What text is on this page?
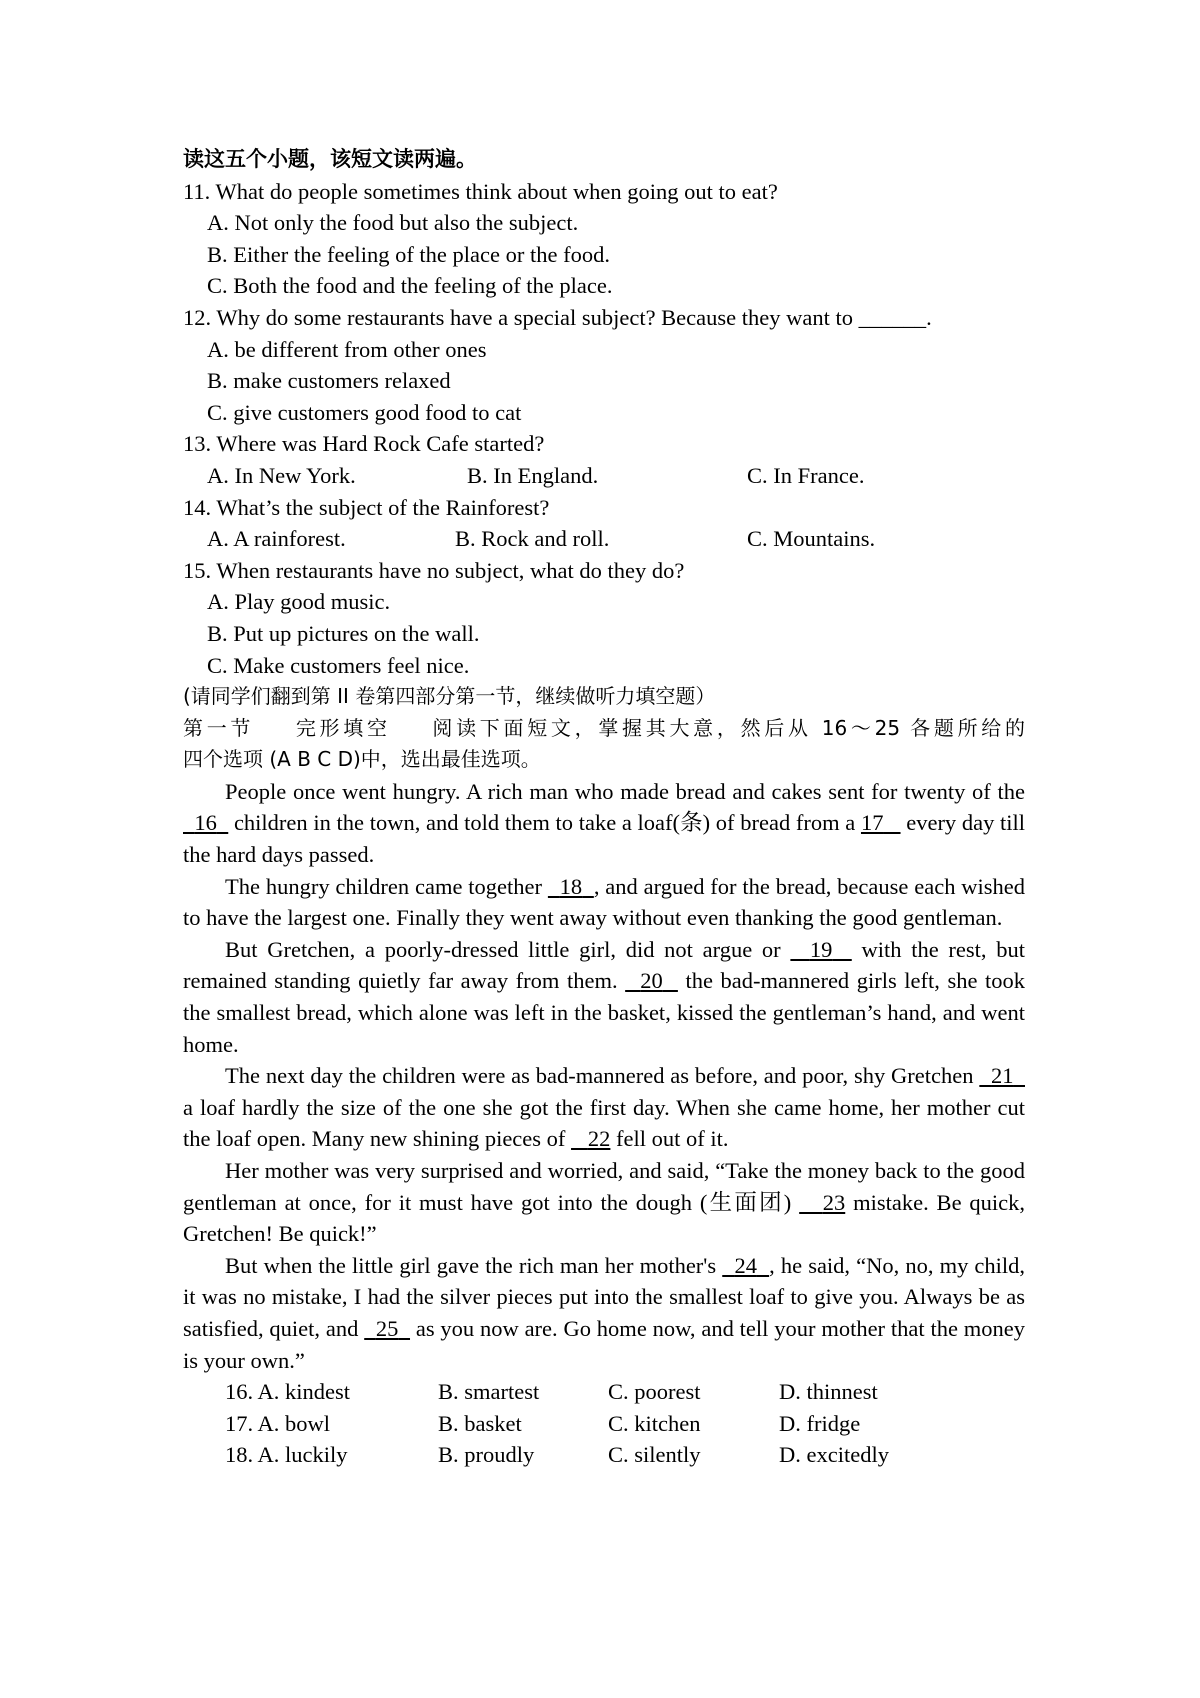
读这五个小题，该短文读两遍。
11. What do people sometimes think about when going out to eat?
A. Not only the food but also the subject.
B. Either the feeling of the place or the food.
C. Both the food and the feeling of the place.
12. Why do some restaurants have a special subject? Because they want to ______.
A. be different from other ones
B. make customers relaxed
C. give customers good food to cat
13. Where was Hard Rock Cafe started?
A. In New York.	B. In England.	C. In France.
14. What’s the subject of the Rainforest?
A. A rainforest.	B. Rock and roll.	C. Mountains.
15. When restaurants have no subject, what do they do?
A. Play good music.
B. Put up pictures on the wall.
C. Make customers feel nice.
(请同学们翻到第 II 卷第四部分第一节，继续做听力填空题）
第一节 完形填空 阅读下面短文，掌握其大意，然后从 16～25 各题所给的
四个选项 (A B C D)中，选出最佳选项。
People once went hungry. A rich man who made bread and cakes sent for twenty of the   16 children in the town, and told them to take a loaf(条) of bread from a 17 every day till the hard days passed.
The hungry children came together 18 , and argued for the bread, because each wished to have the largest one. Finally they went away without even thanking the good gentleman.
But Gretchen, a poorly-dressed little girl, did not argue or 19 with the rest, but remained standing quietly far away from them. 20 the bad-mannered girls left, she took the smallest bread, which alone was left in the basket, kissed the gentleman’s hand, and went home.
The next day the children were as bad-mannered as before, and poor, shy Gretchen 21   a loaf hardly the size of the one she got the first day. When she came home, her mother cut the loaf open. Many new shining pieces of 22 fell out of it.
Her mother was very surprised and worried, and said, “Take the money back to the good gentleman at once, for it must have got into the dough (生面团) 23 mistake. Be quick, Gretchen! Be quick!”
But when the little girl gave the rich man her mother's 24 , he said, “No, no, my child, it was no mistake, I had the silver pieces put into the smallest loaf to give you. Always be as satisfied, quiet, and 25 as you now are. Go home now, and tell your mother that the money is your own.”
16. A. kindest	B. smartest	C. poorest	D. thinnest
17. A. bowl	B. basket	C. kitchen	D. fridge
18. A. luckily	B. proudly	C. silently	D. excitedly
